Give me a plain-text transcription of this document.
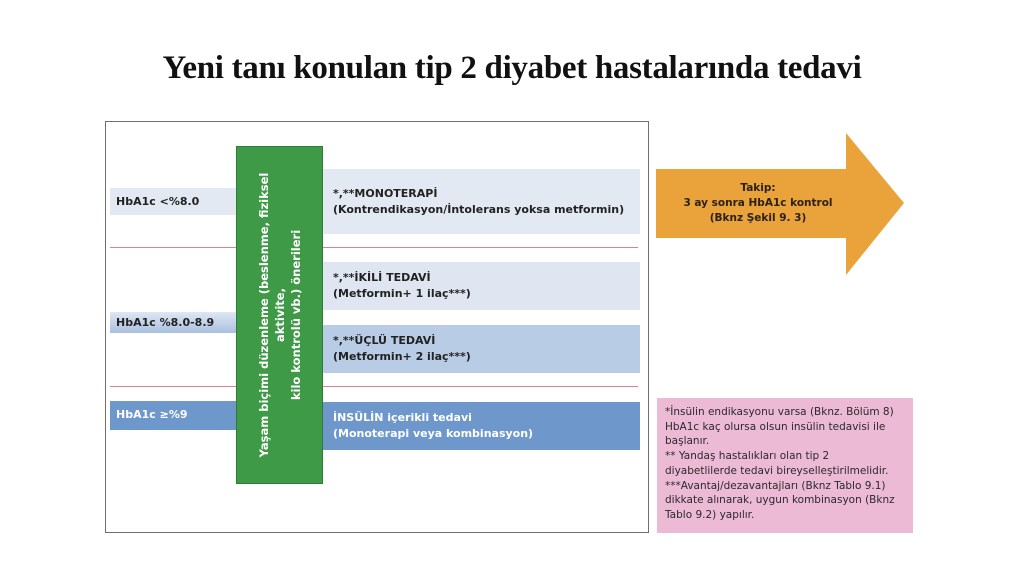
Yeni tanı konulan tip 2 diyabet hastalarında tedavi
HbA1c <%8.0
HbA1c %8.0-8.9
HbA1c ≥%9
*,**MONOTERAPİ
(Kontrendikasyon/İntolerans yoksa metformin)
*,**İKİLİ TEDAVİ
(Metformin+ 1 ilaç***)
*,**ÜÇLÜ TEDAVİ
(Metformin+ 2 ilaç***)
İNSÜLİN içerikli tedavi
(Monoterapi veya kombinasyon)
Yaşam biçimi düzenleme (beslenme, fiziksel aktivite, kilo kontrolü vb.) önerileri
Takip:
3 ay sonra HbA1c kontrol
(Bknz Şekil 9. 3)
*İnsülin endikasyonu varsa (Bknz. Bölüm 8)
HbA1c kaç olursa olsun insülin tedavisi ile
başlanır.
** Yandaş hastalıkları olan tip 2
diyabetlilerde tedavi bireyselleştirilmelidir.
***Avantaj/dezavantajları (Bknz Tablo 9.1)
dikkate alınarak, uygun kombinasyon (Bknz
Tablo 9.2) yapılır.
